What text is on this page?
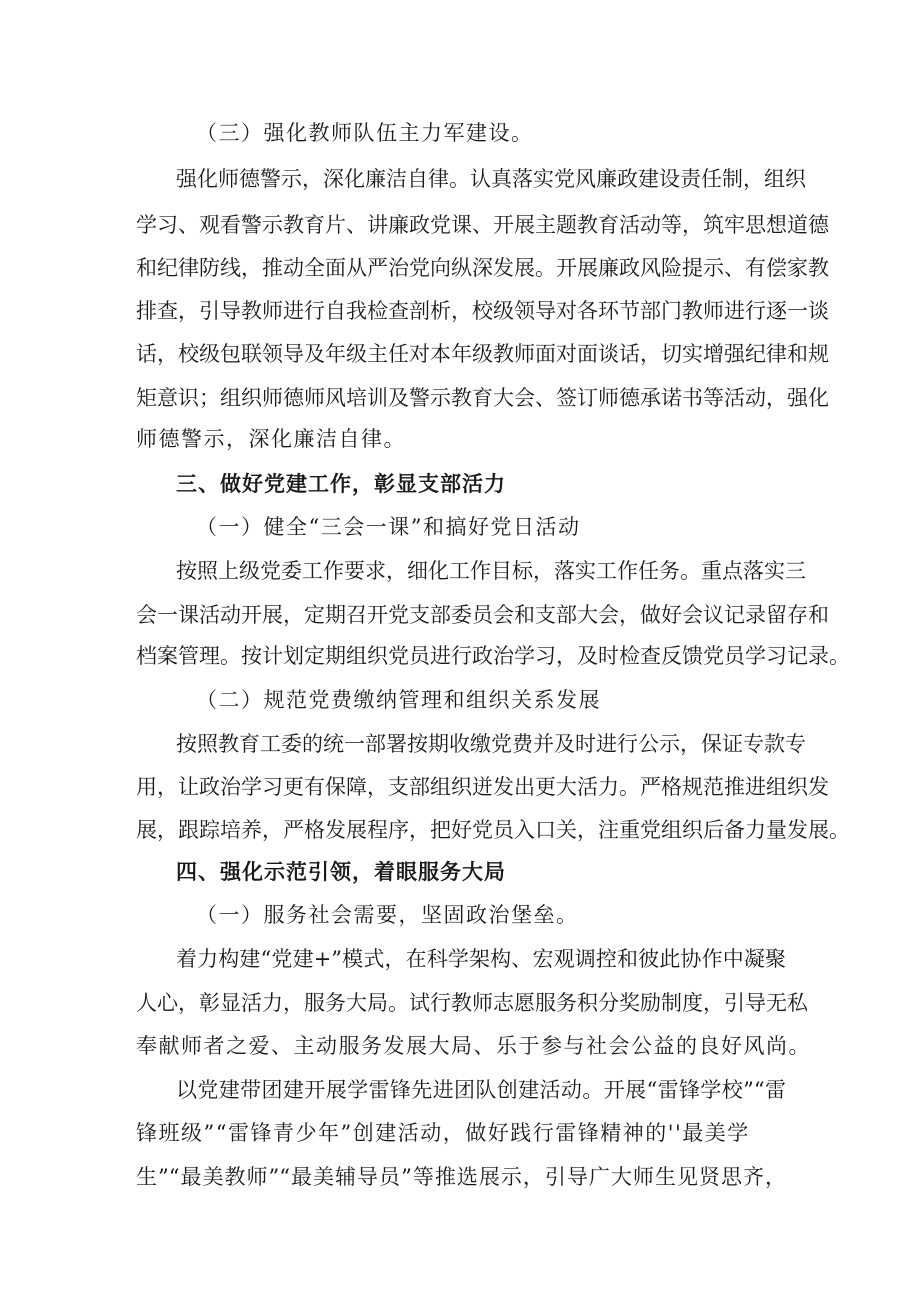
（三）强化教师队伍主力军建设。
强化师德警示，深化廉洁自律。认真落实党风廉政建设责任制，组织
学习、观看警示教育片、讲廉政党课、开展主题教育活动等，筑牢思想道德
和纪律防线，推动全面从严治党向纵深发展。开展廉政风险提示、有偿家教
排查，引导教师进行自我检查剖析，校级领导对各环节部门教师进行逐一谈
话，校级包联领导及年级主任对本年级教师面对面谈话，切实增强纪律和规
矩意识；组织师德师风培训及警示教育大会、签订师德承诺书等活动，强化
师德警示，深化廉洁自律。
三、做好党建工作，彰显支部活力
（一）健全“三会一课”和搞好党日活动
按照上级党委工作要求，细化工作目标，落实工作任务。重点落实三
会一课活动开展，定期召开党支部委员会和支部大会，做好会议记录留存和
档案管理。按计划定期组织党员进行政治学习，及时检查反馈党员学习记录。
（二）规范党费缴纳管理和组织关系发展
按照教育工委的统一部署按期收缴党费并及时进行公示，保证专款专
用，让政治学习更有保障，支部组织迸发出更大活力。严格规范推进组织发
展，跟踪培养，严格发展程序，把好党员入口关，注重党组织后备力量发展。
四、强化示范引领，着眼服务大局
（一）服务社会需要，坚固政治堡垒。
着力构建“党建+”模式，在科学架构、宏观调控和彼此协作中凝聚
人心，彰显活力，服务大局。试行教师志愿服务积分奖励制度，引导无私
奉献师者之爱、主动服务发展大局、乐于参与社会公益的良好风尚。
以党建带团建开展学雷锋先进团队创建活动。开展“雷锋学校”“雷
锋班级”“雷锋青少年”创建活动，做好践行雷锋精神的''最美学
生”“最美教师”“最美辅导员”等推选展示，引导广大师生见贤思齐，
